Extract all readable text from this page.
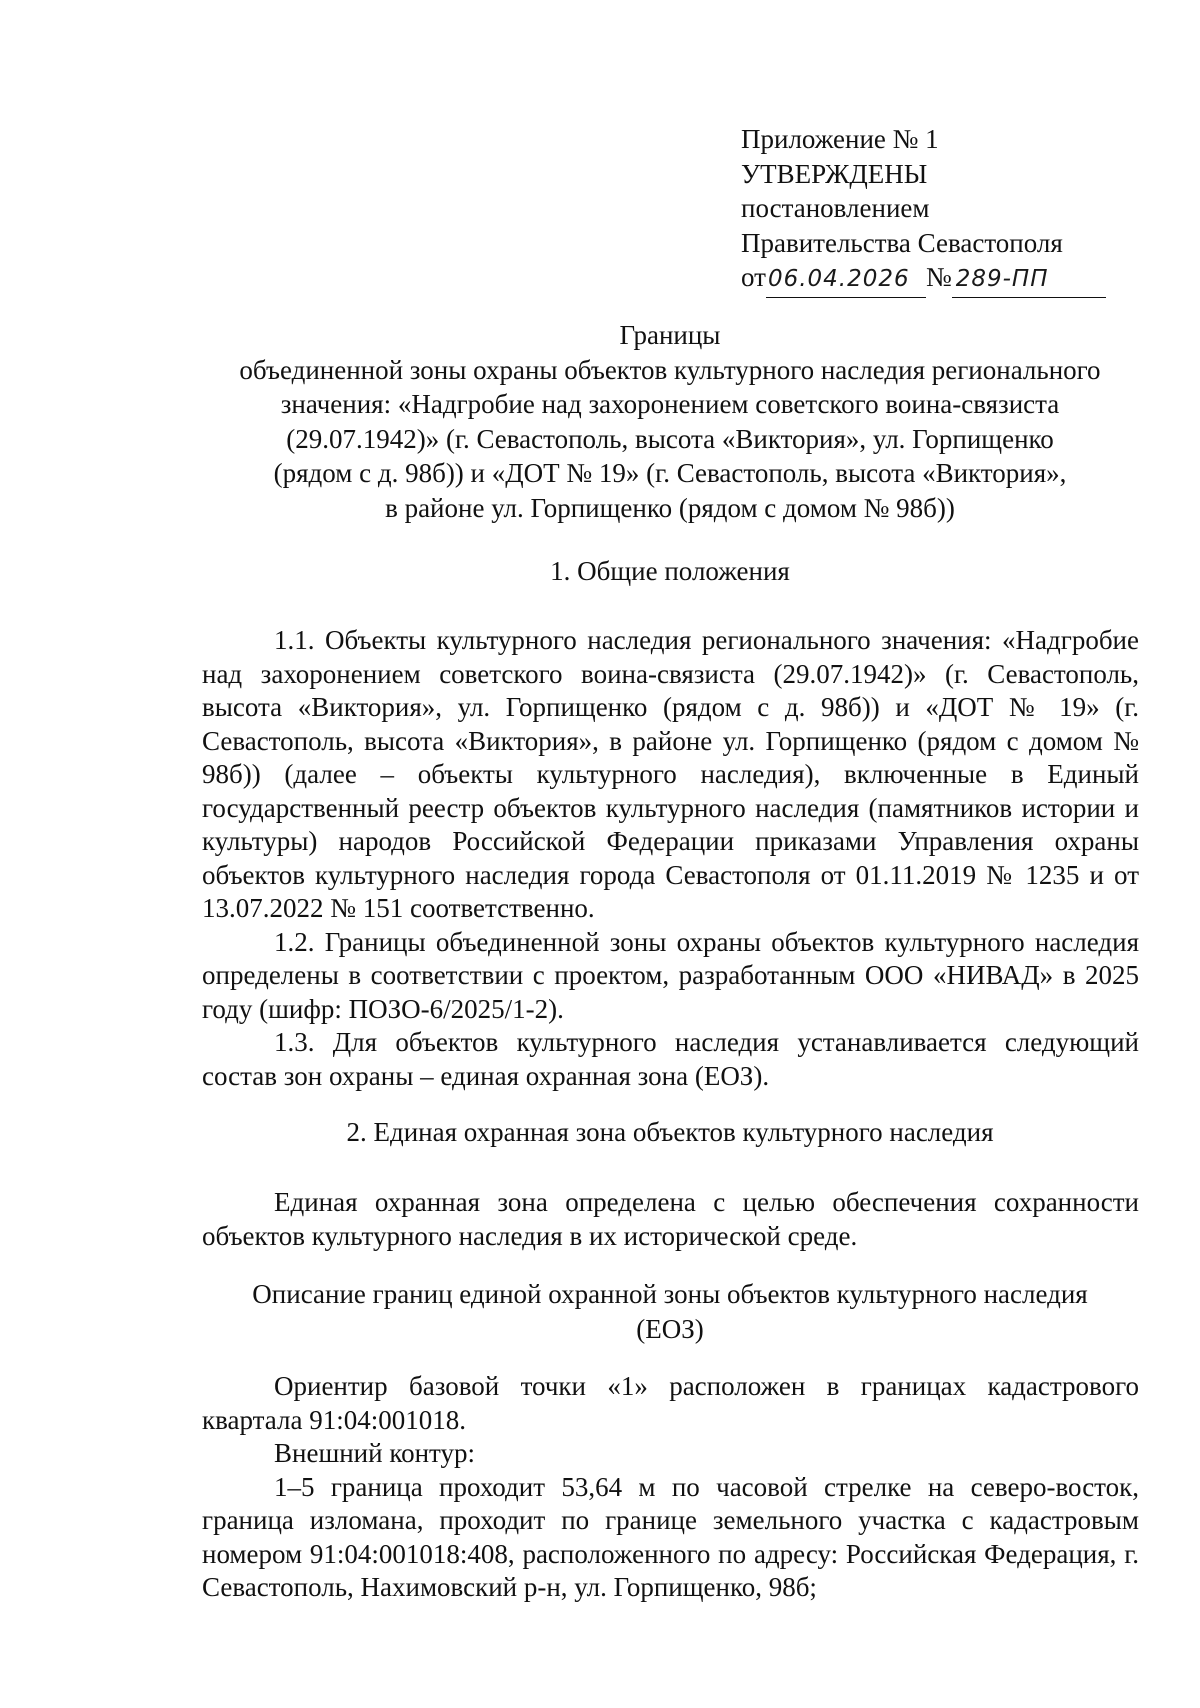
Приложение № 1
УТВЕРЖДЕНЫ
постановлением
Правительства Севастополя
от06.04.2026 № 289-ПП
Границы
объединенной зоны охраны объектов культурного наследия регионального
значения: «Надгробие над захоронением советского воина-связиста
(29.07.1942)» (г. Севастополь, высота «Виктория», ул. Горпищенко
(рядом с д. 98б)) и «ДОТ № 19» (г. Севастополь, высота «Виктория»,
в районе ул. Горпищенко (рядом с домом № 98б))
1. Общие положения

1.1. Объекты культурного наследия регионального значения: «Надгробие над захоронением советского воина-связиста (29.07.1942)» (г. Севастополь, высота «Виктория», ул. Горпищенко (рядом с д. 98б)) и «ДОТ № 19» (г. Севастополь, высота «Виктория», в районе ул. Горпищенко (рядом с домом № 98б)) (далее – объекты культурного наследия), включенные в Единый государственный реестр объектов культурного наследия (памятников истории и культуры) народов Российской Федерации приказами Управления охраны объектов культурного наследия города Севастополя от 01.11.2019 № 1235 и от 13.07.2022 № 151 соответственно.

1.2. Границы объединенной зоны охраны объектов культурного наследия определены в соответствии с проектом, разработанным ООО «НИВАД» в 2025 году (шифр: ПОЗО-6/2025/1-2).

1.3. Для объектов культурного наследия устанавливается следующий состав зон охраны – единая охранная зона (ЕОЗ).

2. Единая охранная зона объектов культурного наследия

Единая охранная зона определена с целью обеспечения сохранности объектов культурного наследия в их исторической среде.

Описание границ единой охранной зоны объектов культурного наследия
(ЕОЗ)

Ориентир базовой точки «1» расположен в границах кадастрового квартала 91:04:001018.

Внешний контур:

1–5 граница проходит 53,64 м по часовой стрелке на северо-восток, граница изломана, проходит по границе земельного участка с кадастровым номером 91:04:001018:408, расположенного по адресу: Российская Федерация, г. Севастополь, Нахимовский р-н, ул. Горпищенко, 98б;
